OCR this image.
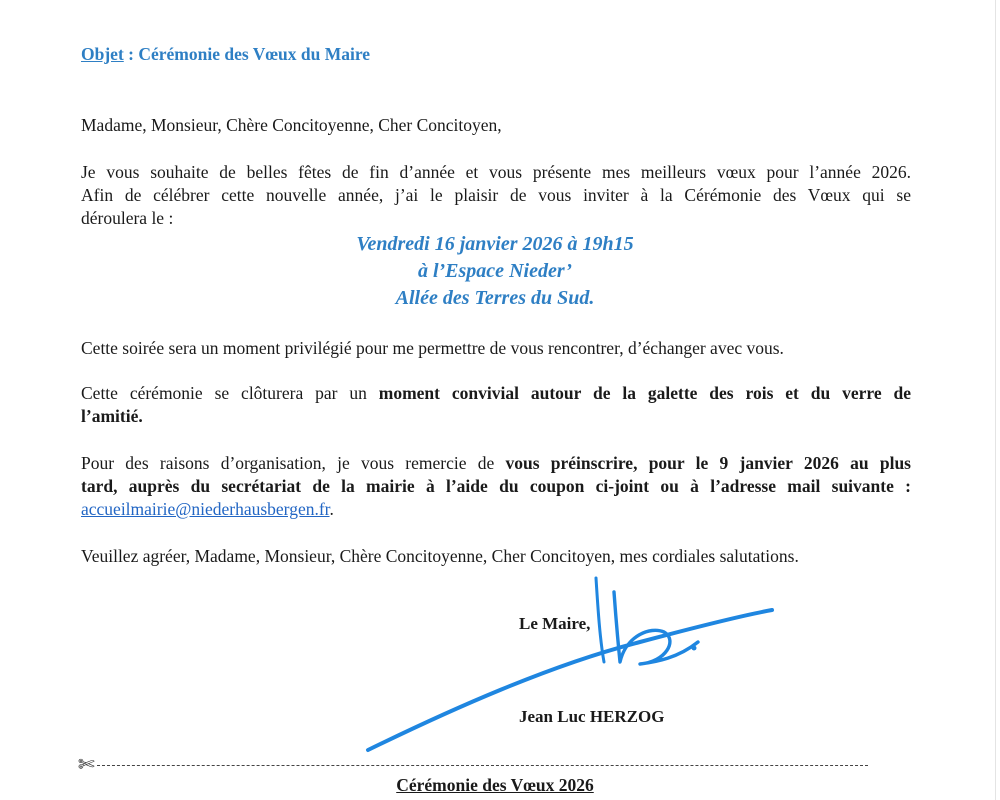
Objet : Cérémonie des Vœux du Maire
Madame, Monsieur, Chère Concitoyenne, Cher Concitoyen,
Je vous souhaite de belles fêtes de fin d’année et vous présente mes meilleurs vœux pour l’année 2026.
Afin de célébrer cette nouvelle année, j’ai le plaisir de vous inviter à la Cérémonie des Vœux qui se
déroulera le :
Vendredi 16 janvier 2026 à 19h15
à l’Espace Nieder’
Allée des Terres du Sud.
Cette soirée sera un moment privilégié pour me permettre de vous rencontrer, d’échanger avec vous.
Cette cérémonie se clôturera par un moment convivial autour de la galette des rois et du verre de
l’amitié.
Pour des raisons d’organisation, je vous remercie de vous préinscrire, pour le 9 janvier 2026 au plus
tard, auprès du secrétariat de la mairie à l’aide du coupon ci-joint ou à l’adresse mail suivante :
accueilmairie@niederhausbergen.fr.
Veuillez agréer, Madame, Monsieur, Chère Concitoyenne, Cher Concitoyen, mes cordiales salutations.
Le Maire,
Jean Luc HERZOG
✄
Cérémonie des Vœux 2026
